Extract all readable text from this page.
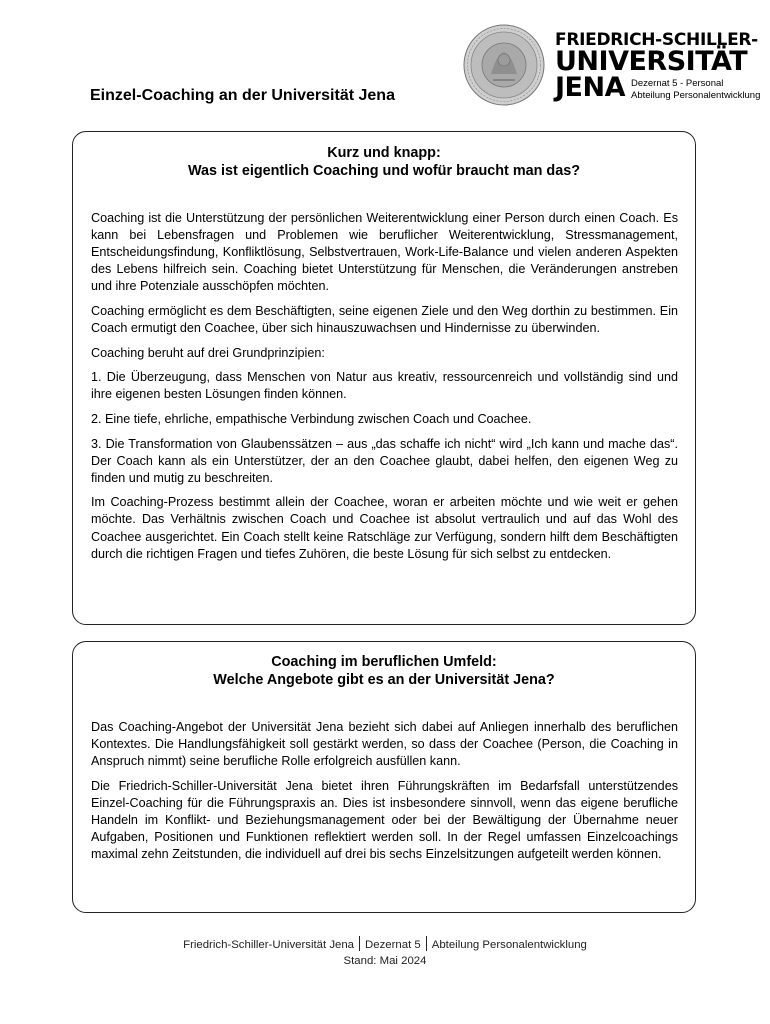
Einzel-Coaching an der Universität Jena
FRIEDRICH-SCHILLER-
UNIVERSITÄT
JENA Dezernat 5 - Personal
Abteilung Personalentwicklung
Kurz und knapp:
Was ist eigentlich Coaching und wofür braucht man das?

Coaching ist die Unterstützung der persönlichen Weiterentwicklung einer Person durch einen Coach. Es kann bei Lebensfragen und Problemen wie beruflicher Weiterentwicklung, Stressmanagement, Entscheidungsfindung, Konfliktlösung, Selbstvertrauen, Work-Life-Balance und vielen anderen Aspekten des Lebens hilfreich sein. Coaching bietet Unterstützung für Menschen, die Veränderungen anstreben und ihre Potenziale ausschöpfen möchten.

Coaching ermöglicht es dem Beschäftigten, seine eigenen Ziele und den Weg dorthin zu bestimmen. Ein Coach ermutigt den Coachee, über sich hinauszuwachsen und Hindernisse zu überwinden.

Coaching beruht auf drei Grundprinzipien:

1. Die Überzeugung, dass Menschen von Natur aus kreativ, ressourcenreich und vollständig sind und ihre eigenen besten Lösungen finden können.

2. Eine tiefe, ehrliche, empathische Verbindung zwischen Coach und Coachee.

3. Die Transformation von Glaubenssätzen – aus „das schaffe ich nicht“ wird „Ich kann und mache das“. Der Coach kann als ein Unterstützer, der an den Coachee glaubt, dabei helfen, den eigenen Weg zu finden und mutig zu beschreiten.

Im Coaching-Prozess bestimmt allein der Coachee, woran er arbeiten möchte und wie weit er gehen möchte. Das Verhältnis zwischen Coach und Coachee ist absolut vertraulich und auf das Wohl des Coachee ausgerichtet. Ein Coach stellt keine Ratschläge zur Verfügung, sondern hilft dem Beschäftigten durch die richtigen Fragen und tiefes Zuhören, die beste Lösung für sich selbst zu entdecken.

Coaching im beruflichen Umfeld:
Welche Angebote gibt es an der Universität Jena?

Das Coaching-Angebot der Universität Jena bezieht sich dabei auf Anliegen innerhalb des beruflichen Kontextes. Die Handlungsfähigkeit soll gestärkt werden, so dass der Coachee (Person, die Coaching in Anspruch nimmt) seine berufliche Rolle erfolgreich ausfüllen kann.

Die Friedrich-Schiller-Universität Jena bietet ihren Führungskräften im Bedarfsfall unterstützendes Einzel-Coaching für die Führungspraxis an. Dies ist insbesondere sinnvoll, wenn das eigene berufliche Handeln im Konflikt- und Beziehungsmanagement oder bei der Bewältigung der Übernahme neuer Aufgaben, Positionen und Funktionen reflektiert werden soll. In der Regel umfassen Einzelcoachings maximal zehn Zeitstunden, die individuell auf drei bis sechs Einzelsitzungen aufgeteilt werden können.

Friedrich-Schiller-Universität Jena Dezernat 5 Abteilung Personalentwicklung
Stand: Mai 2024
